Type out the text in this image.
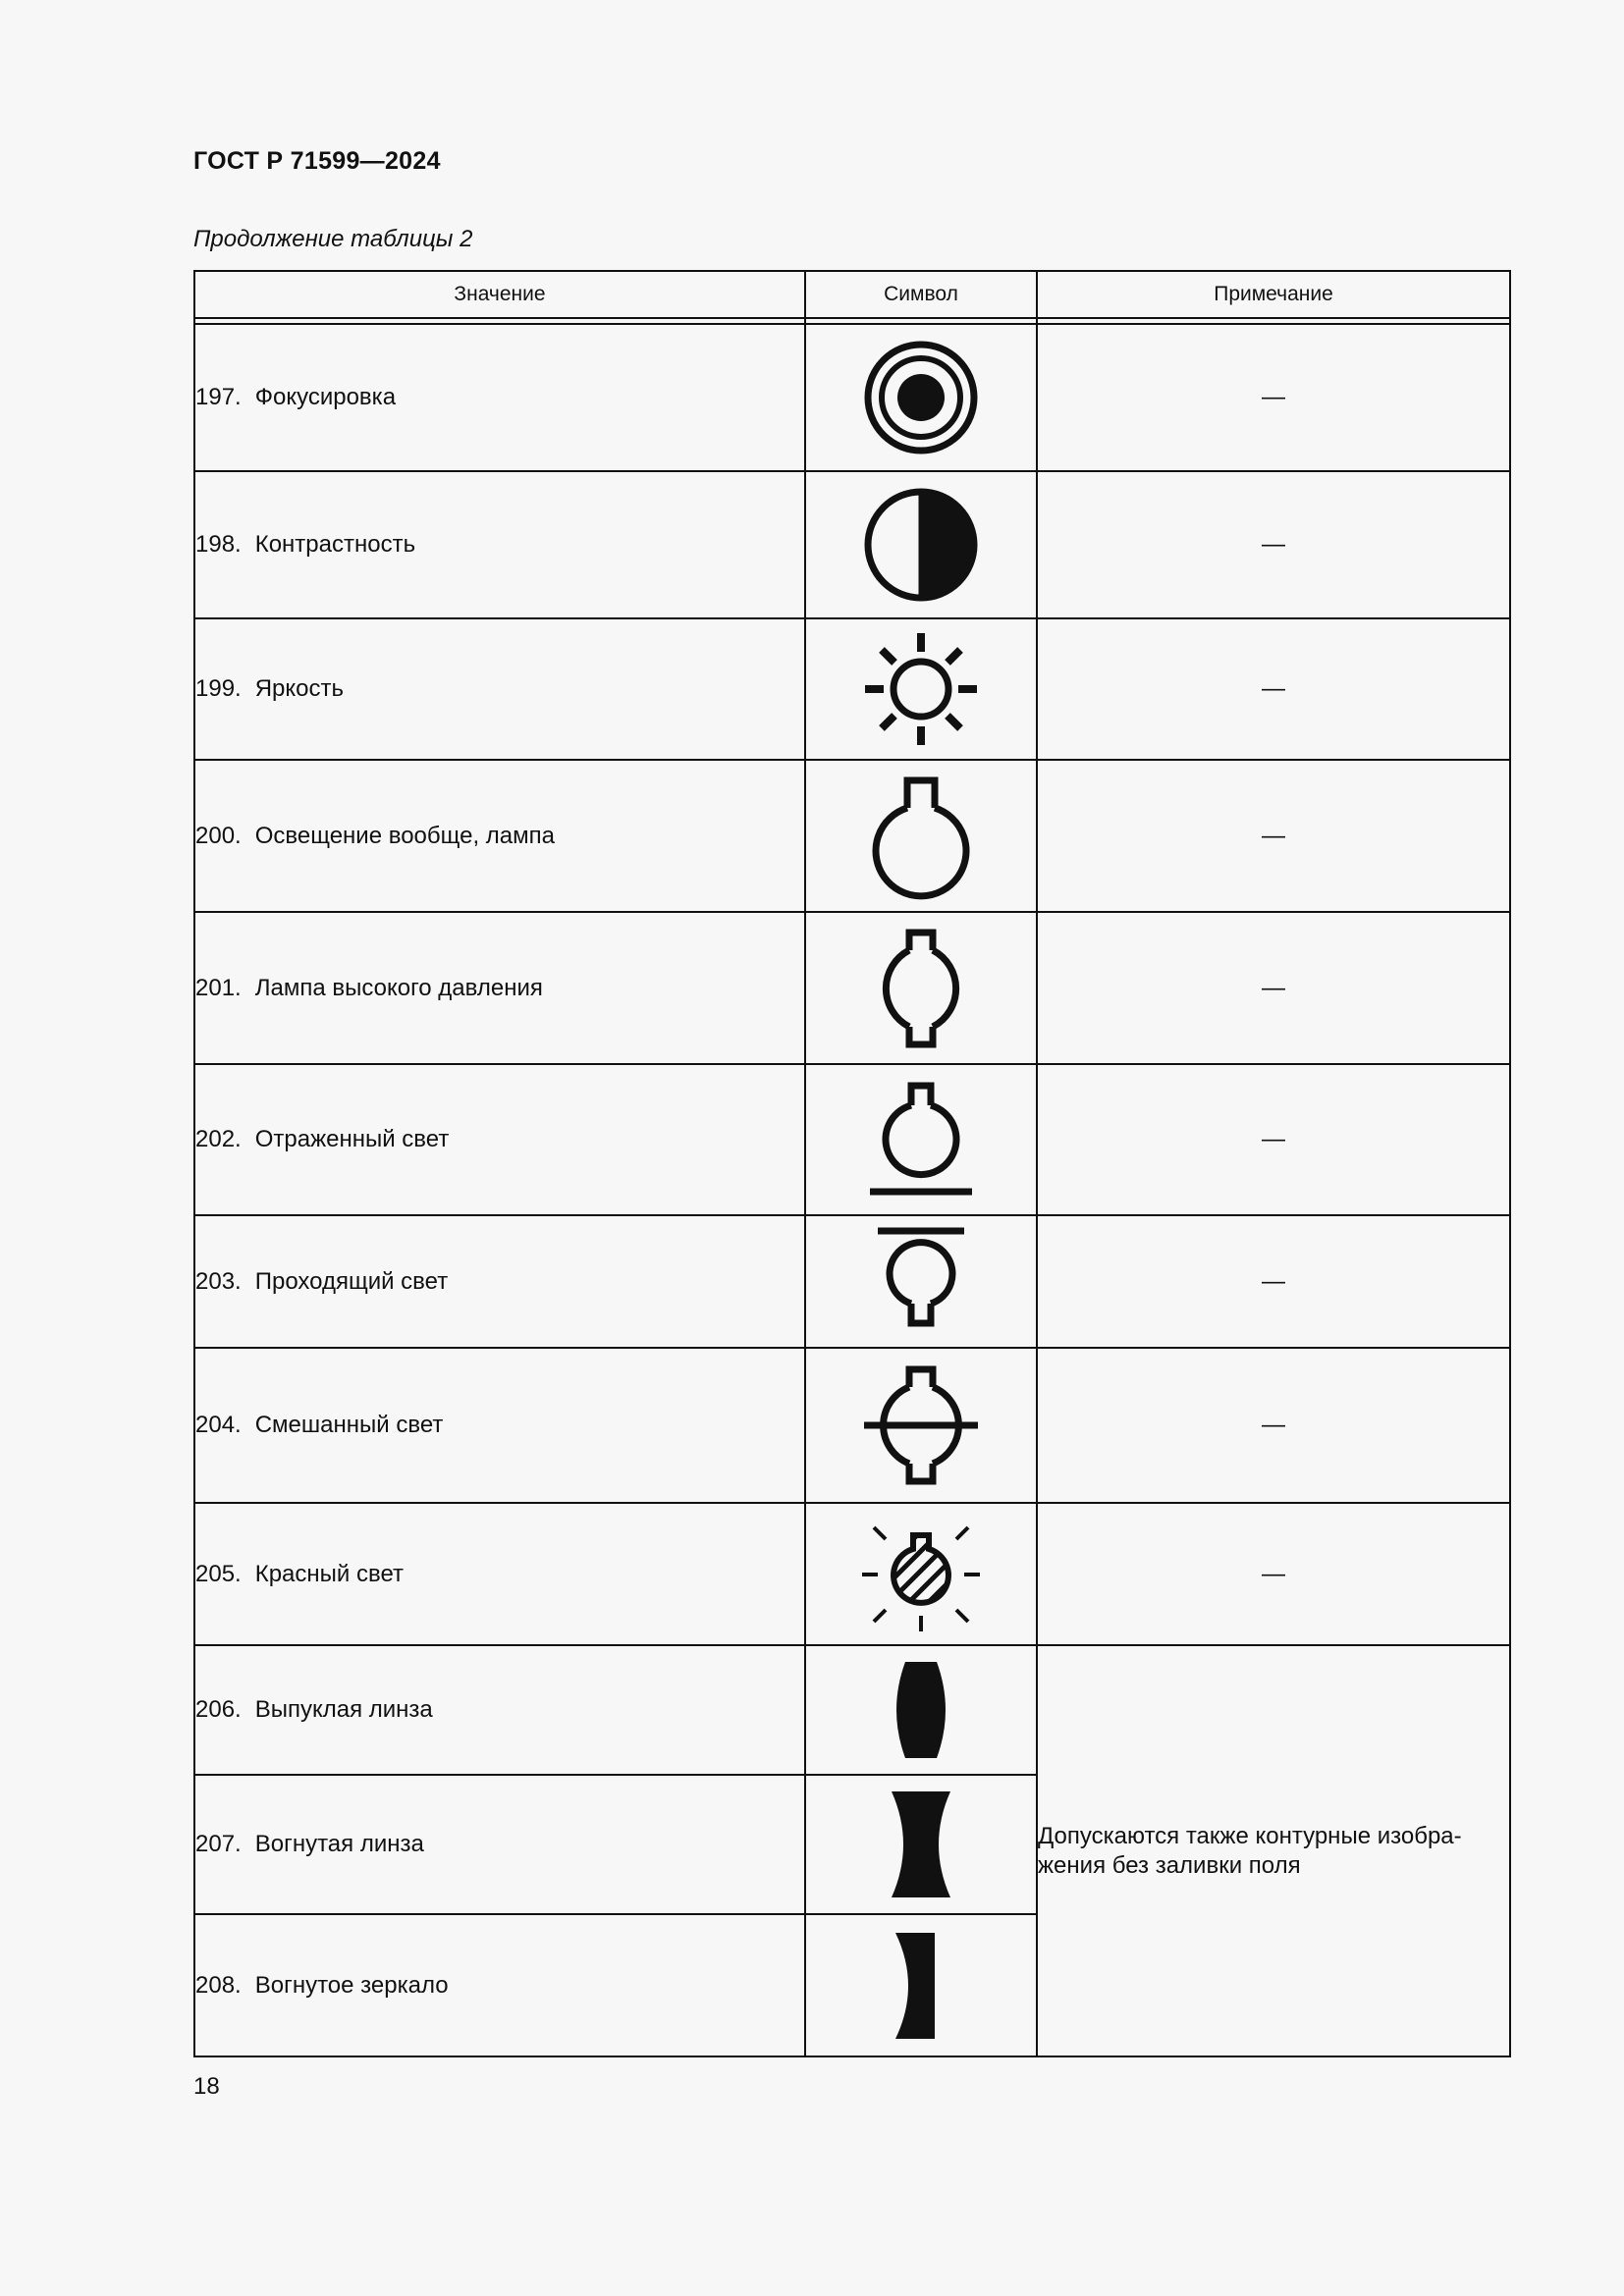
ГОСТ Р 71599—2024
Продолжение таблицы 2
Значение	Символ	Примечание

197. Фокусировка		—
198. Контрастность		—
199. Яркость		—
200. Освещение вообще, лампа		—
201. Лампа высокого давления		—
202. Отраженный свет		—
203. Проходящий свет		—
204. Смешанный свет		—
205. Красный свет		—
206. Выпуклая линза		Допускаются также контурные изобра-жения без заливки поля
207. Вогнутая линза	

208. Вогнутое зеркало	
18
